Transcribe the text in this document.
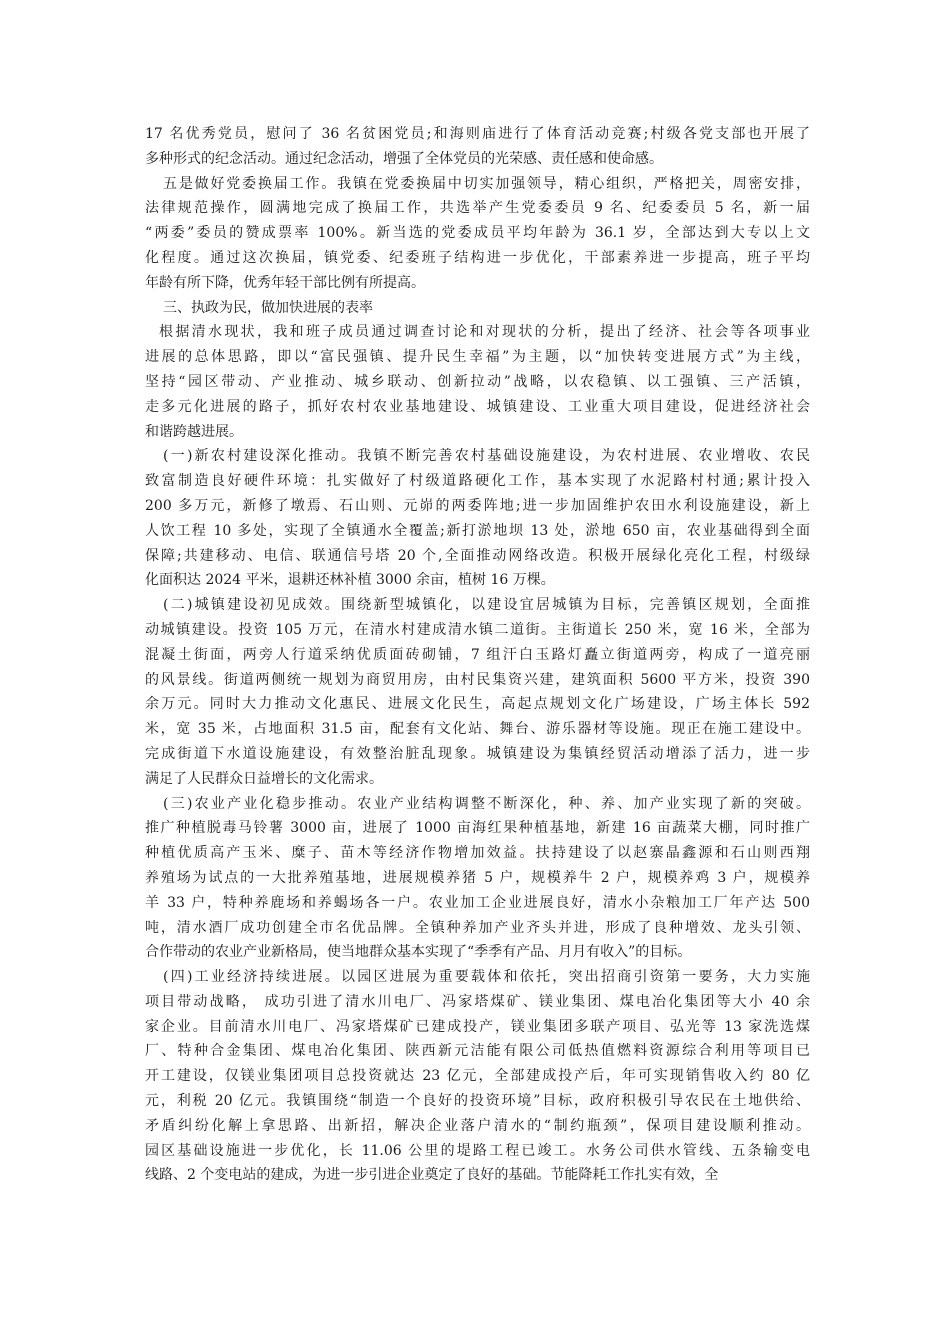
17 名优秀党员，慰问了 36 名贫困党员;和海则庙进行了体育活动竞赛;村级各党支部也开展了
多种形式的纪念活动。通过纪念活动，增强了全体党员的光荣感、责任感和使命感。
五是做好党委换届工作。我镇在党委换届中切实加强领导，精心组织，严格把关，周密安排，
法律规范操作，圆满地完成了换届工作，共选举产生党委委员 9 名、纪委委员 5 名，新一届
“两委”委员的赞成票率 100%。新当选的党委成员平均年龄为 36.1 岁，全部达到大专以上文
化程度。通过这次换届，镇党委、纪委班子结构进一步优化，干部素养进一步提高，班子平均
年龄有所下降，优秀年轻干部比例有所提高。
三、执政为民，做加快进展的表率
根据清水现状，我和班子成员通过调查讨论和对现状的分析，提出了经济、社会等各项事业
进展的总体思路，即以“富民强镇、提升民生幸福”为主题，以“加快转变进展方式”为主线，
坚持“园区带动、产业推动、城乡联动、创新拉动”战略，以农稳镇、以工强镇、三产活镇，
走多元化进展的路子，抓好农村农业基地建设、城镇建设、工业重大项目建设，促进经济社会
和谐跨越进展。
(一)新农村建设深化推动。我镇不断完善农村基础设施建设，为农村进展、农业增收、农民
致富制造良好硬件环境：扎实做好了村级道路硬化工作，基本实现了水泥路村村通;累计投入
200 多万元，新修了墩焉、石山则、元峁的两委阵地;进一步加固维护农田水利设施建设，新上
人饮工程 10 多处，实现了全镇通水全覆盖;新打淤地坝 13 处，淤地 650 亩，农业基础得到全面
保障;共建移动、电信、联通信号塔 20 个,全面推动网络改造。积极开展绿化亮化工程，村级绿
化面积达 2024 平米，退耕还林补植 3000 余亩，植树 16 万棵。
(二)城镇建设初见成效。围绕新型城镇化，以建设宜居城镇为目标，完善镇区规划，全面推
动城镇建设。投资 105 万元，在清水村建成清水镇二道街。主街道长 250 米，宽 16 米，全部为
混凝土街面，两旁人行道采纳优质面砖砌铺，7 组汗白玉路灯矗立街道两旁，构成了一道亮丽
的风景线。街道两侧统一规划为商贸用房，由村民集资兴建，建筑面积 5600 平方米，投资 390
余万元。同时大力推动文化惠民、进展文化民生，高起点规划文化广场建设，广场主体长 592
米，宽 35 米，占地面积 31.5 亩，配套有文化站、舞台、游乐器材等设施。现正在施工建设中。
完成街道下水道设施建设，有效整治脏乱现象。城镇建设为集镇经贸活动增添了活力，进一步
满足了人民群众日益增长的文化需求。
(三)农业产业化稳步推动。农业产业结构调整不断深化，种、养、加产业实现了新的突破。
推广种植脱毒马铃薯 3000 亩，进展了 1000 亩海红果种植基地，新建 16 亩蔬菜大棚，同时推广
种植优质高产玉米、糜子、苗木等经济作物增加效益。扶持建设了以赵寨晶鑫源和石山则西翔
养殖场为试点的一大批养殖基地，进展规模养猪 5 户，规模养牛 2 户，规模养鸡 3 户，规模养
羊 33 户，特种养鹿场和养蝎场各一户。农业加工企业进展良好，清水小杂粮加工厂年产达 500
吨，清水酒厂成功创建全市名优品牌。全镇种养加产业齐头并进，形成了良种增效、龙头引领、
合作带动的农业产业新格局，使当地群众基本实现了“季季有产品、月月有收入”的目标。
(四)工业经济持续进展。以园区进展为重要载体和依托，突出招商引资第一要务，大力实施
项目带动战略， 成功引进了清水川电厂、冯家塔煤矿、镁业集团、煤电冶化集团等大小 40 余
家企业。目前清水川电厂、冯家塔煤矿已建成投产，镁业集团多联产项目、弘光等 13 家洗选煤
厂、特种合金集团、煤电冶化集团、陕西新元洁能有限公司低热值燃料资源综合利用等项目已
开工建设，仅镁业集团项目总投资就达 23 亿元，全部建成投产后，年可实现销售收入约 80 亿
元，利税 20 亿元。我镇围绕“制造一个良好的投资环境”目标，政府积极引导农民在土地供给、
矛盾纠纷化解上拿思路、出新招，解决企业落户清水的“制约瓶颈”，保项目建设顺利推动。
园区基础设施进一步优化，长 11.06 公里的堤路工程已竣工。水务公司供水管线、五条输变电
线路、2 个变电站的建成，为进一步引进企业奠定了良好的基础。节能降耗工作扎实有效，全
